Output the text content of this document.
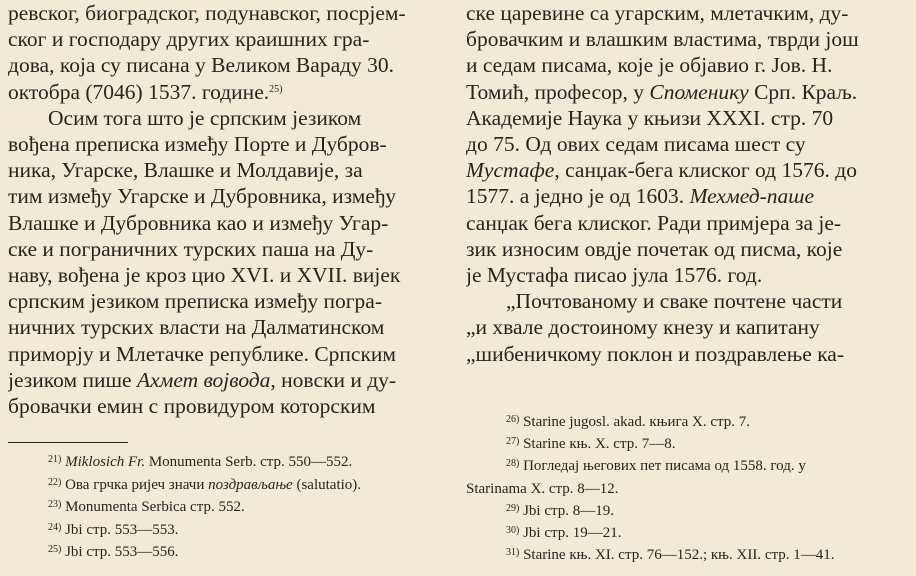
ревског, биоградског, подунавског, посрјем-
ског и господару других краишних гра-
дова, која су писана у Великом Вараду 30.
октобра (7046) 1537. године.$^{25)}$
Осим тога што је српским језиком
вођена преписка између Порте и Дубров-
ника, Угарске, Влашке и Молдавије, за
тим између Угарске и Дубровника, између
Влашке и Дубровника као и између Угар-
ске и пограничних турских паша на Ду-
наву, вођена је кроз цио XVI. и XVII. вијек
српским језиком преписка између погра-
ничних турских власти на Далматинском
приморју и Млетачке републике. Српским
језиком пише Ахмет војвода, новски и ду-
бровачки емин с провидуром которским
$^{21)}$ Miklosich Fr. Monumenta Serb. стр. 550—552.
$^{22)}$ Ова грчка ријеч значи поздрављање (salutatio).
$^{23)}$ Monumenta Serbica стр. 552.
$^{24)}$ Јbi стр. 553—553.
$^{25)}$ Јbi стр. 553—556.
ске царевине са угарским, млетачким, ду-
бровачким и влашким властима, тврди још
и седам писама, које је објавио г. Јов. Н.
Томић, професор, у Споменику Срп. Краљ.
Академије Наука у књизи XXXI. стр. 70
до 75. Од ових седам писама шест су
Мустафе, санџак-бега клиског од 1576. до
1577. а једно је од 1603. Мехмед-паше
санџак бега клиског. Ради примјера за је-
зик износим овдје почетак од писма, које
је Мустафа писао јула 1576. год.
„Почтованому и сваке почтене части
„и хвале достоиному кнезу и капитану
„шибеничкому поклон и поздравлење ка-
$^{26)}$ Starine jugosl. akad. књига X. стр. 7.
$^{27)}$ Starine књ. X. стр. 7—8.
$^{28)}$ Погледај његових пет писама од 1558. год. у
Starinama X. стр. 8—12.
$^{29)}$ Јbi стр. 8—19.
$^{30)}$ Јbi стр. 19—21.
$^{31)}$ Starine књ. XI. стр. 76—152.; књ. XII. стр. 1—41.
